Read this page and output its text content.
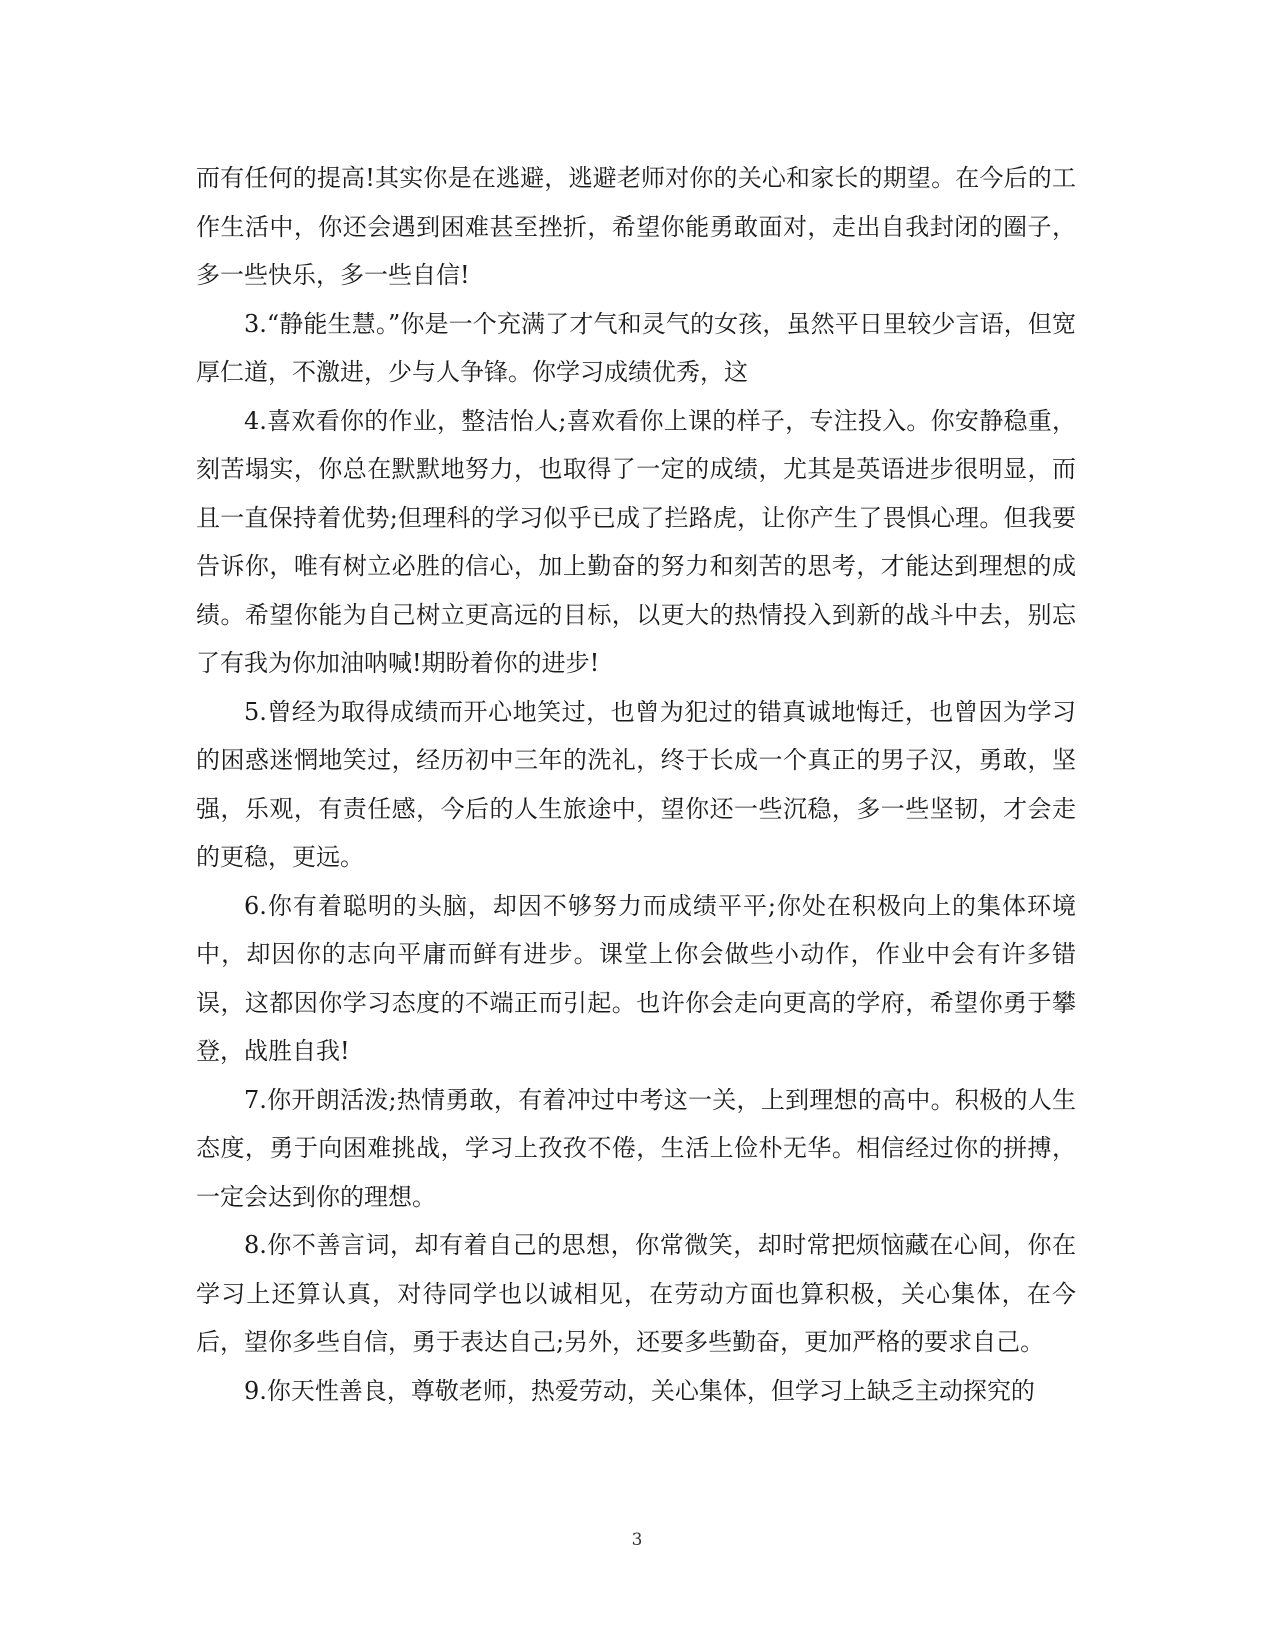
而有任何的提高!其实你是在逃避，逃避老师对你的关心和家长的期望。在今后的工作生活中，你还会遇到困难甚至挫折，希望你能勇敢面对，走出自我封闭的圈子，多一些快乐，多一些自信!

3.“静能生慧。”你是一个充满了才气和灵气的女孩，虽然平日里较少言语，但宽厚仁道，不激进，少与人争锋。你学习成绩优秀，这

4.喜欢看你的作业，整洁怡人;喜欢看你上课的样子，专注投入。你安静稳重，刻苦塌实，你总在默默地努力，也取得了一定的成绩，尤其是英语进步很明显，而且一直保持着优势;但理科的学习似乎已成了拦路虎，让你产生了畏惧心理。但我要告诉你，唯有树立必胜的信心，加上勤奋的努力和刻苦的思考，才能达到理想的成绩。希望你能为自己树立更高远的目标，以更大的热情投入到新的战斗中去，别忘了有我为你加油呐喊!期盼着你的进步!

5.曾经为取得成绩而开心地笑过，也曾为犯过的错真诚地悔迁，也曾因为学习的困惑迷惘地笑过，经历初中三年的洗礼，终于长成一个真正的男子汉，勇敢，坚强，乐观，有责任感，今后的人生旅途中，望你还一些沉稳，多一些坚韧，才会走的更稳，更远。

6.你有着聪明的头脑，却因不够努力而成绩平平;你处在积极向上的集体环境中，却因你的志向平庸而鲜有进步。课堂上你会做些小动作，作业中会有许多错误，这都因你学习态度的不端正而引起。也许你会走向更高的学府，希望你勇于攀登，战胜自我!

7.你开朗活泼;热情勇敢，有着冲过中考这一关，上到理想的高中。积极的人生态度，勇于向困难挑战，学习上孜孜不倦，生活上俭朴无华。相信经过你的拼搏，一定会达到你的理想。

8.你不善言词，却有着自己的思想，你常微笑，却时常把烦恼藏在心间，你在学习上还算认真，对待同学也以诚相见，在劳动方面也算积极，关心集体，在今后，望你多些自信，勇于表达自己;另外，还要多些勤奋，更加严格的要求自己。

9.你天性善良，尊敬老师，热爱劳动，关心集体，但学习上缺乏主动探究的

3
